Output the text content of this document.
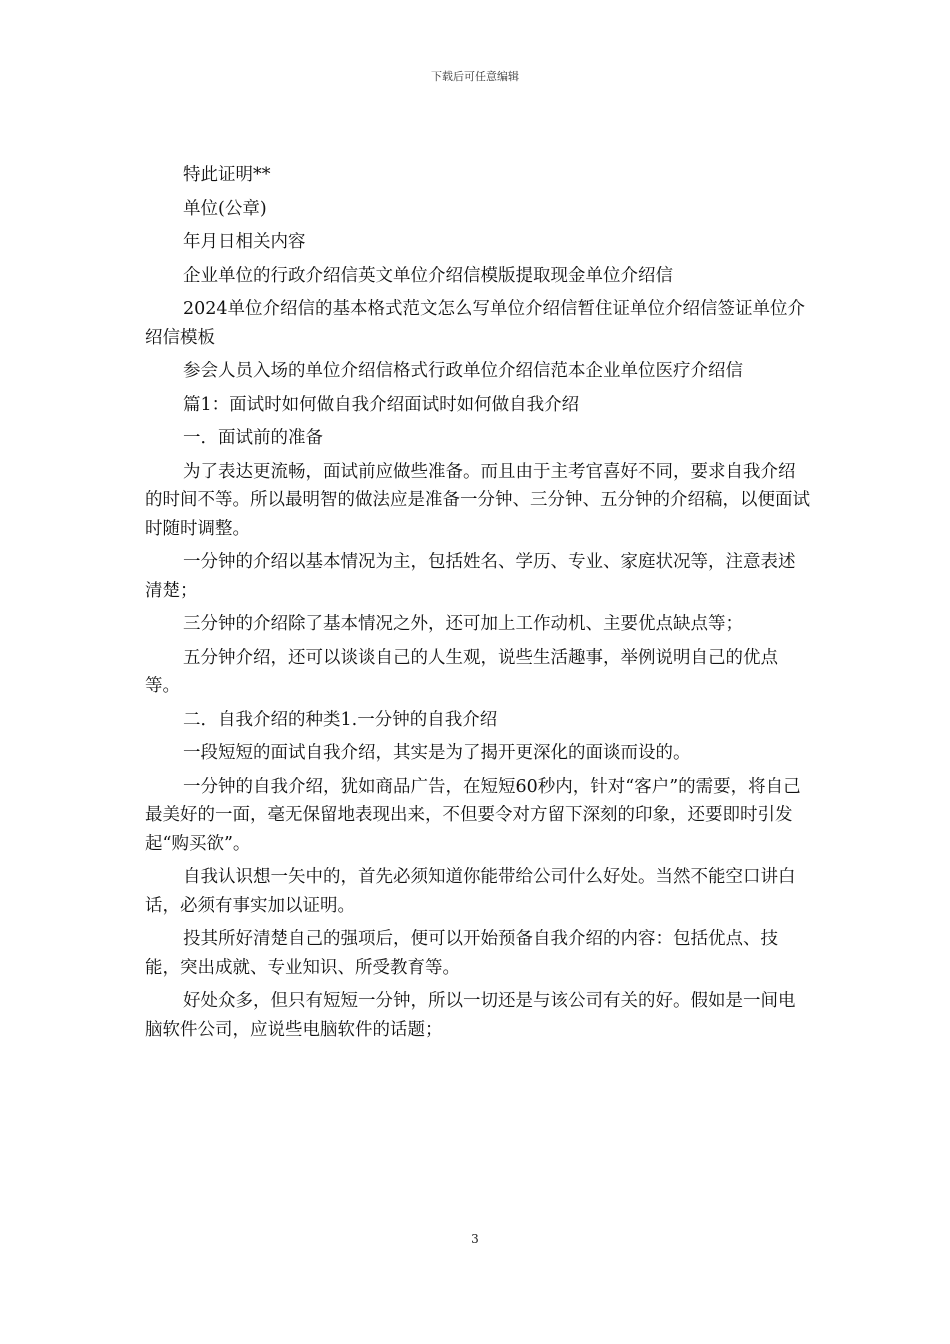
下载后可任意编辑

特此证明**

单位(公章)

年月日相关内容

企业单位的行政介绍信英文单位介绍信模版提取现金单位介绍信

2024单位介绍信的基本格式范文怎么写单位介绍信暂住证单位介绍信签证单位介绍信模板

参会人员入场的单位介绍信格式行政单位介绍信范本企业单位医疗介绍信

篇1：面试时如何做自我介绍面试时如何做自我介绍

一．面试前的准备

为了表达更流畅，面试前应做些准备。而且由于主考官喜好不同，要求自我介绍的时间不等。所以最明智的做法应是准备一分钟、三分钟、五分钟的介绍稿，以便面试时随时调整。

一分钟的介绍以基本情况为主，包括姓名、学历、专业、家庭状况等，注意表述清楚；

三分钟的介绍除了基本情况之外，还可加上工作动机、主要优点缺点等；

五分钟介绍，还可以谈谈自己的人生观，说些生活趣事，举例说明自己的优点等。

二．自我介绍的种类1.一分钟的自我介绍

一段短短的面试自我介绍，其实是为了揭开更深化的面谈而设的。

一分钟的自我介绍，犹如商品广告，在短短60秒内，针对“客户”的需要，将自己最美好的一面，毫无保留地表现出来，不但要令对方留下深刻的印象，还要即时引发起“购买欲”。

自我认识想一矢中的，首先必须知道你能带给公司什么好处。当然不能空口讲白话，必须有事实加以证明。

投其所好清楚自己的强项后，便可以开始预备自我介绍的内容：包括优点、技能，突出成就、专业知识、所受教育等。

好处众多，但只有短短一分钟，所以一切还是与该公司有关的好。假如是一间电脑软件公司，应说些电脑软件的话题；

3
